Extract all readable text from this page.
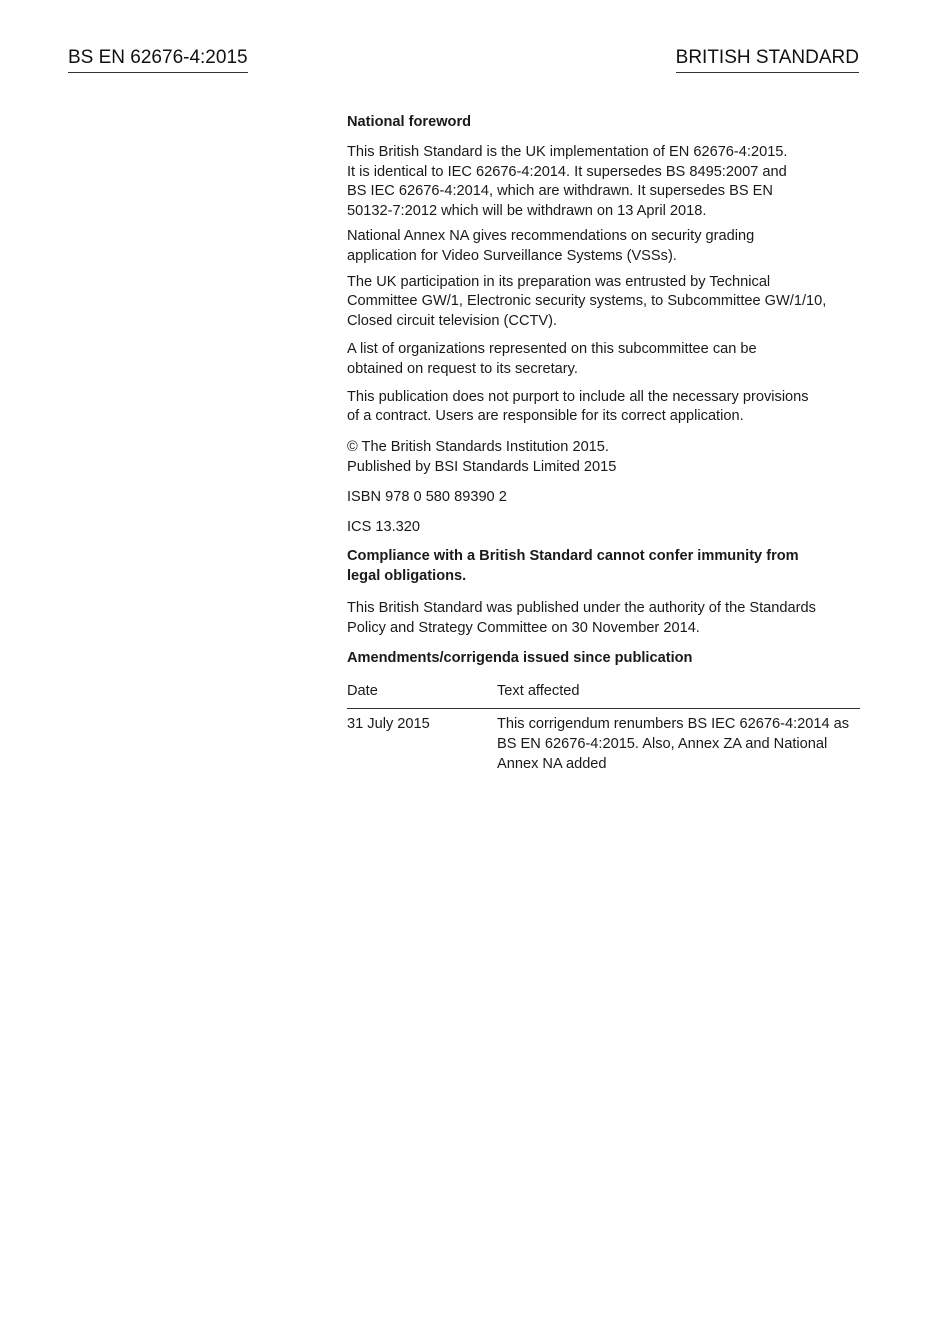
BS EN 62676-4:2015	BRITISH STANDARD

National foreword

This British Standard is the UK implementation of EN 62676-4:2015.
It is identical to IEC 62676-4:2014. It supersedes BS 8495:2007 and
BS IEC 62676-4:2014, which are withdrawn. It supersedes BS EN
50132-7:2012 which will be withdrawn on 13 April 2018.

National Annex NA gives recommendations on security grading
application for Video Surveillance Systems (VSSs).

The UK participation in its preparation was entrusted by Technical
Committee GW/1, Electronic security systems, to Subcommittee GW/1/10,
Closed circuit television (CCTV).

A list of organizations represented on this subcommittee can be
obtained on request to its secretary.

This publication does not purport to include all the necessary provisions
of a contract. Users are responsible for its correct application.

© The British Standards Institution 2015.
Published by BSI Standards Limited 2015

ISBN 978 0 580 89390 2

ICS 13.320

Compliance with a British Standard cannot confer immunity from
legal obligations.

This British Standard was published under the authority of the Standards
Policy and Strategy Committee on 30 November 2014.

Amendments/corrigenda issued since publication

Date	Text affected
31 July 2015	This corrigendum renumbers BS IEC 62676-4:2014 as
BS EN 62676-4:2015. Also, Annex ZA and National
Annex NA added
